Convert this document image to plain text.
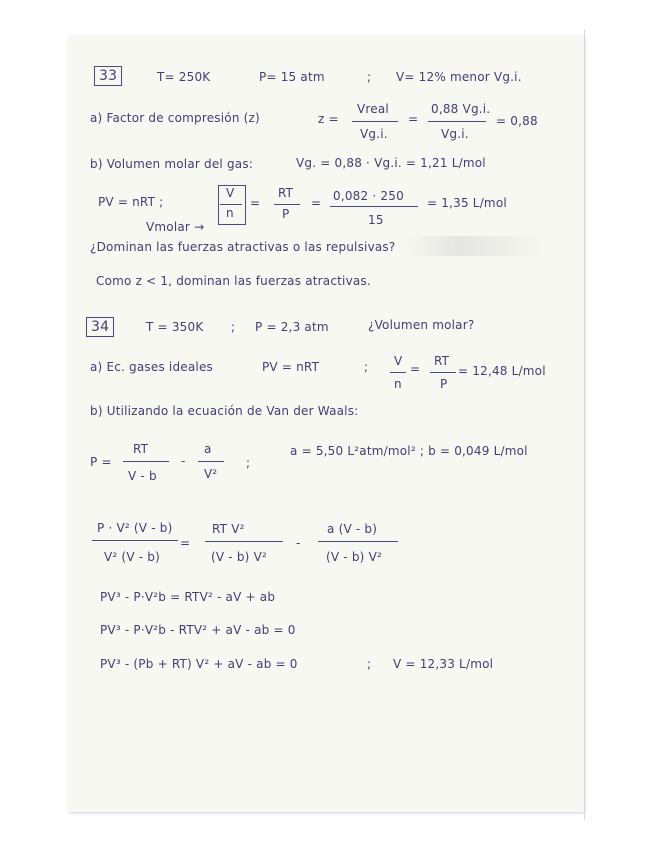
33	T= 250K	P= 15 atm	; V= 12% menor Vg.i.
a) Factor de compresión (z)	z =
Vreal
Vg.i.
=
0,88 Vg.i.
Vg.i.
= 0,88
b) Volumen molar del gas:	Vg. = 0,88 · Vg.i. = 1,21 L/mol
PV = nRT ;
V
n
=
RT
P
= 0,082 · 250
15
= 1,35 L/mol
Vmolar →
¿Dominan las fuerzas atractivas o las repulsivas?
Como z < 1, dominan las fuerzas atractivas.
34	T = 350K ; P = 2,3 atm	¿Volumen molar?
a) Ec. gases ideales	PV = nRT	; V
n
=
RT
P
= 12,48 L/mol
b) Utilizando la ecuación de Van der Waals:
P =
RT
V - b
-
a
V²
;
a = 5,50 L²atm/mol² ; b = 0,049 L/mol
P · V² (V - b)
V² (V - b)
=
RT V²
(V - b) V²
-
a (V - b)
(V - b) V²
PV³ - P·V²b = RTV² - aV + ab
PV³ - P·V²b - RTV² + aV - ab = 0
PV³ - (Pb + RT) V² + aV - ab = 0	; V = 12,33 L/mol
